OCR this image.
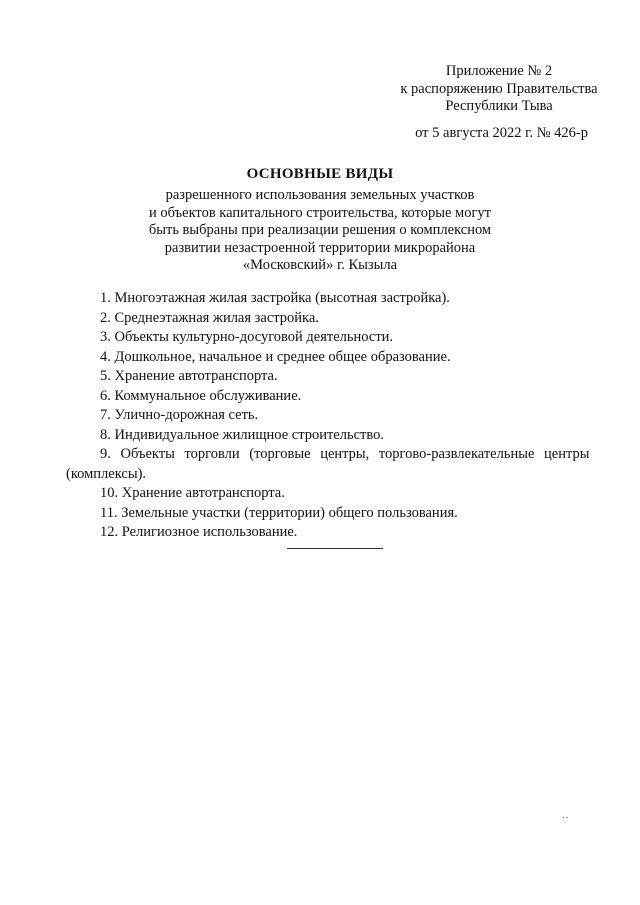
Приложение № 2
к распоряжению Правительства
Республики Тыва
от 5 августа 2022 г. № 426-р
ОСНОВНЫЕ ВИДЫ
разрешенного использования земельных участков
и объектов капитального строительства, которые могут
быть выбраны при реализации решения о комплексном
развитии незастроенной территории микрорайона
«Московский» г. Кызыла
1. Многоэтажная жилая застройка (высотная застройка).
2. Среднеэтажная жилая застройка.
3. Объекты культурно-досуговой деятельности.
4. Дошкольное, начальное и среднее общее образование.
5. Хранение автотранспорта.
6. Коммунальное обслуживание.
7. Улично-дорожная сеть.
8. Индивидуальное жилищное строительство.
9. Объекты торговли (торговые центры, торгово-развлекательные центры
(комплексы).
10. Хранение автотранспорта.
11. Земельные участки (территории) общего пользования.
12. Религиозное использование.
··
